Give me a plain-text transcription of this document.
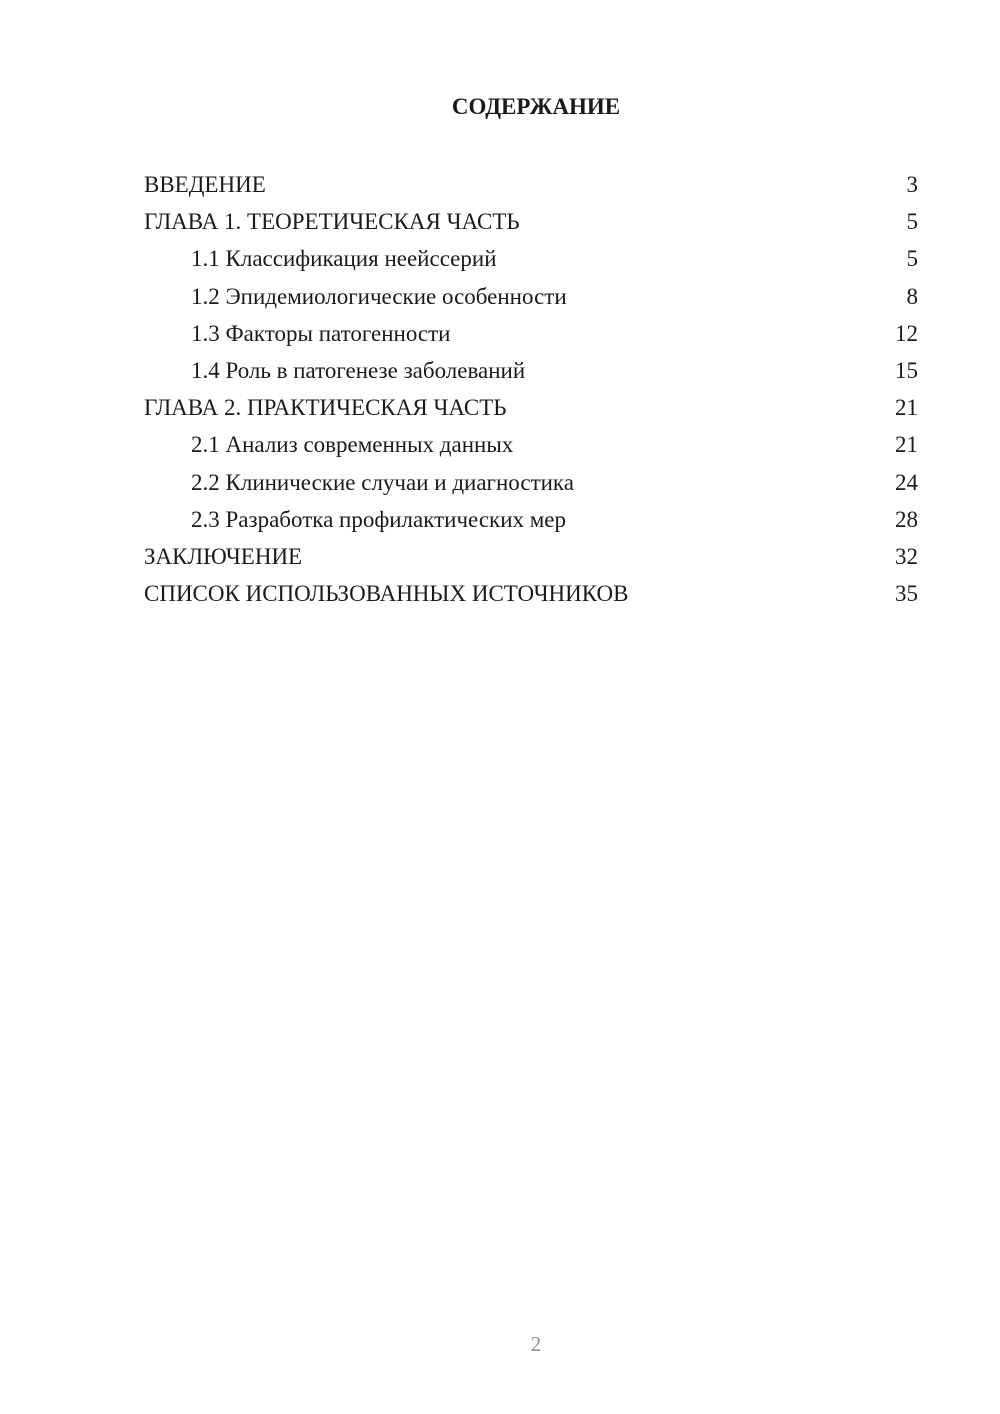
СОДЕРЖАНИЕ
ВВЕДЕНИЕ	3
ГЛАВА 1. ТЕОРЕТИЧЕСКАЯ ЧАСТЬ	5
1.1 Классификация неейссерий	5
1.2 Эпидемиологические особенности	8
1.3 Факторы патогенности	12
1.4 Роль в патогенезе заболеваний	15
ГЛАВА 2. ПРАКТИЧЕСКАЯ ЧАСТЬ	21
2.1 Анализ современных данных	21
2.2 Клинические случаи и диагностика	24
2.3 Разработка профилактических мер	28
ЗАКЛЮЧЕНИЕ	32
СПИСОК ИСПОЛЬЗОВАННЫХ ИСТОЧНИКОВ	35
2
